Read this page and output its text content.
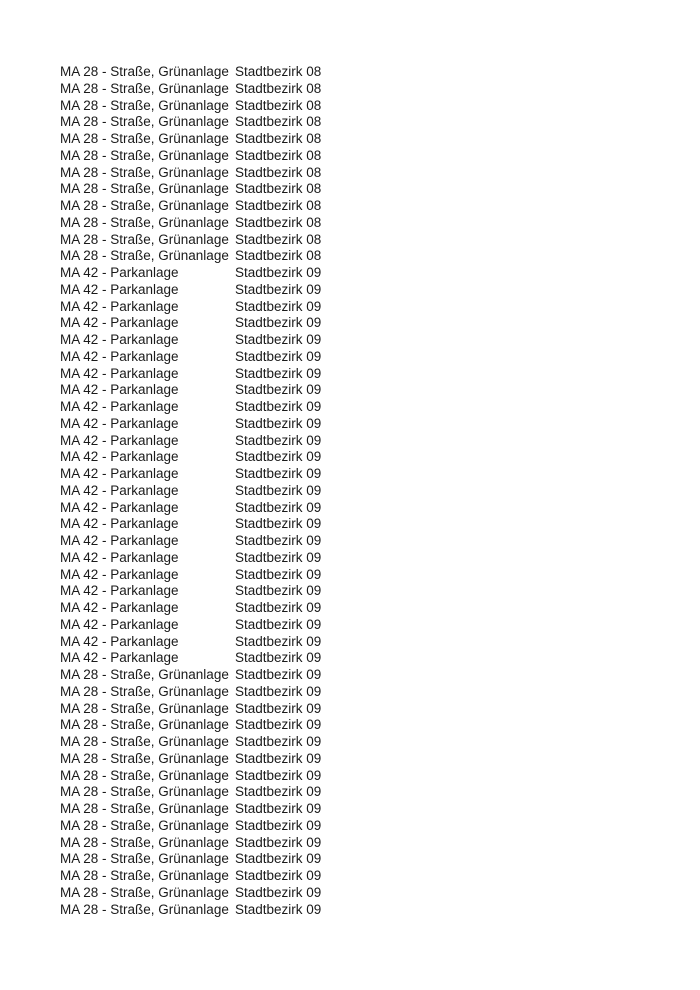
MA 28 - Straße, Grünanlage Stadtbezirk 08
MA 28 - Straße, Grünanlage Stadtbezirk 08
MA 28 - Straße, Grünanlage Stadtbezirk 08
MA 28 - Straße, Grünanlage Stadtbezirk 08
MA 28 - Straße, Grünanlage Stadtbezirk 08
MA 28 - Straße, Grünanlage Stadtbezirk 08
MA 28 - Straße, Grünanlage Stadtbezirk 08
MA 28 - Straße, Grünanlage Stadtbezirk 08
MA 28 - Straße, Grünanlage Stadtbezirk 08
MA 28 - Straße, Grünanlage Stadtbezirk 08
MA 28 - Straße, Grünanlage Stadtbezirk 08
MA 28 - Straße, Grünanlage Stadtbezirk 08
MA 42 - Parkanlage	Stadtbezirk 09
MA 42 - Parkanlage	Stadtbezirk 09
MA 42 - Parkanlage	Stadtbezirk 09
MA 42 - Parkanlage	Stadtbezirk 09
MA 42 - Parkanlage	Stadtbezirk 09
MA 42 - Parkanlage	Stadtbezirk 09
MA 42 - Parkanlage	Stadtbezirk 09
MA 42 - Parkanlage	Stadtbezirk 09
MA 42 - Parkanlage	Stadtbezirk 09
MA 42 - Parkanlage	Stadtbezirk 09
MA 42 - Parkanlage	Stadtbezirk 09
MA 42 - Parkanlage	Stadtbezirk 09
MA 42 - Parkanlage	Stadtbezirk 09
MA 42 - Parkanlage	Stadtbezirk 09
MA 42 - Parkanlage	Stadtbezirk 09
MA 42 - Parkanlage	Stadtbezirk 09
MA 42 - Parkanlage	Stadtbezirk 09
MA 42 - Parkanlage	Stadtbezirk 09
MA 42 - Parkanlage	Stadtbezirk 09
MA 42 - Parkanlage	Stadtbezirk 09
MA 42 - Parkanlage	Stadtbezirk 09
MA 42 - Parkanlage	Stadtbezirk 09
MA 42 - Parkanlage	Stadtbezirk 09
MA 42 - Parkanlage	Stadtbezirk 09
MA 28 - Straße, Grünanlage Stadtbezirk 09
MA 28 - Straße, Grünanlage Stadtbezirk 09
MA 28 - Straße, Grünanlage Stadtbezirk 09
MA 28 - Straße, Grünanlage Stadtbezirk 09
MA 28 - Straße, Grünanlage Stadtbezirk 09
MA 28 - Straße, Grünanlage Stadtbezirk 09
MA 28 - Straße, Grünanlage Stadtbezirk 09
MA 28 - Straße, Grünanlage Stadtbezirk 09
MA 28 - Straße, Grünanlage Stadtbezirk 09
MA 28 - Straße, Grünanlage Stadtbezirk 09
MA 28 - Straße, Grünanlage Stadtbezirk 09
MA 28 - Straße, Grünanlage Stadtbezirk 09
MA 28 - Straße, Grünanlage Stadtbezirk 09
MA 28 - Straße, Grünanlage Stadtbezirk 09
MA 28 - Straße, Grünanlage Stadtbezirk 09
